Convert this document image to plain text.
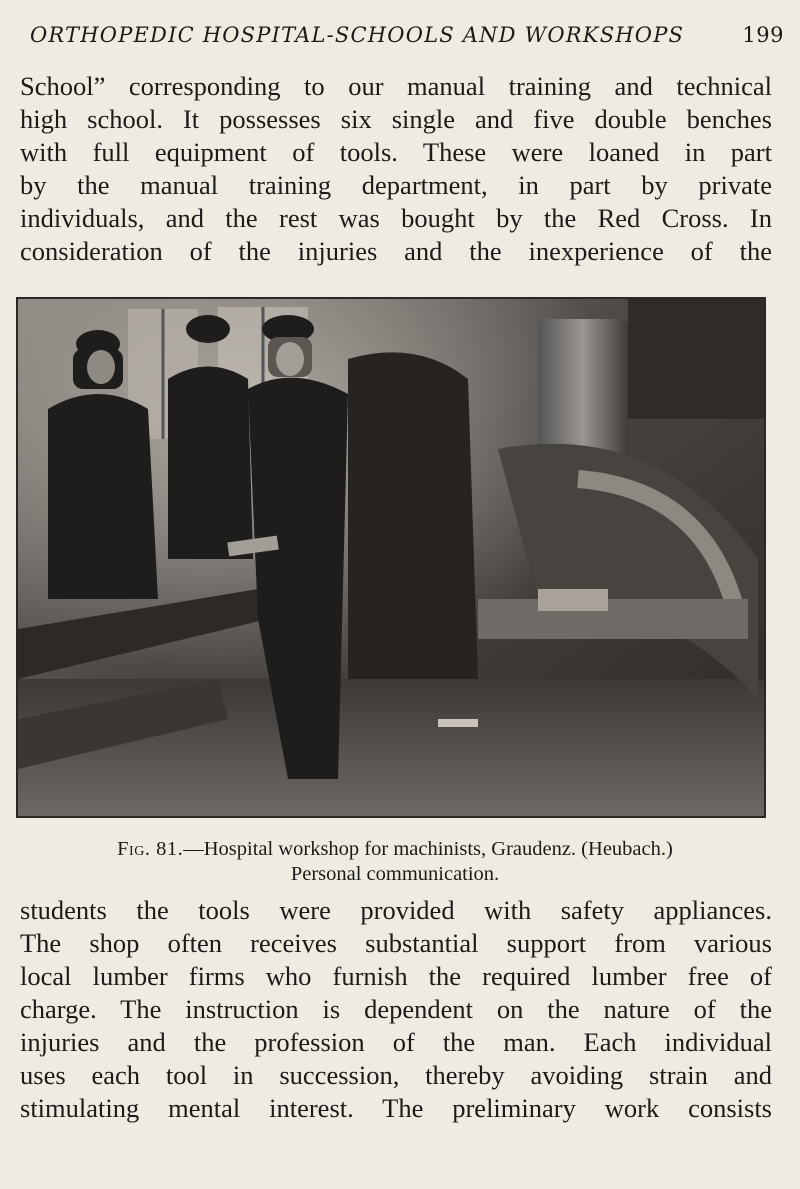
ORTHOPEDIC HOSPITAL-SCHOOLS AND WORKSHOPS	199
School” corresponding to our manual training and technical
high school. It possesses six single and five double benches
with full equipment of tools. These were loaned in part
by the manual training department, in part by private
individuals, and the rest was bought by the Red Cross. In
consideration of the injuries and the inexperience of the
Fig. 81.—Hospital workshop for machinists, Graudenz. (Heubach.)
Personal communication.
students the tools were provided with safety appliances.
The shop often receives substantial support from various
local lumber firms who furnish the required lumber free of
charge. The instruction is dependent on the nature of the
injuries and the profession of the man. Each individual
uses each tool in succession, thereby avoiding strain and
stimulating mental interest. The preliminary work consists
